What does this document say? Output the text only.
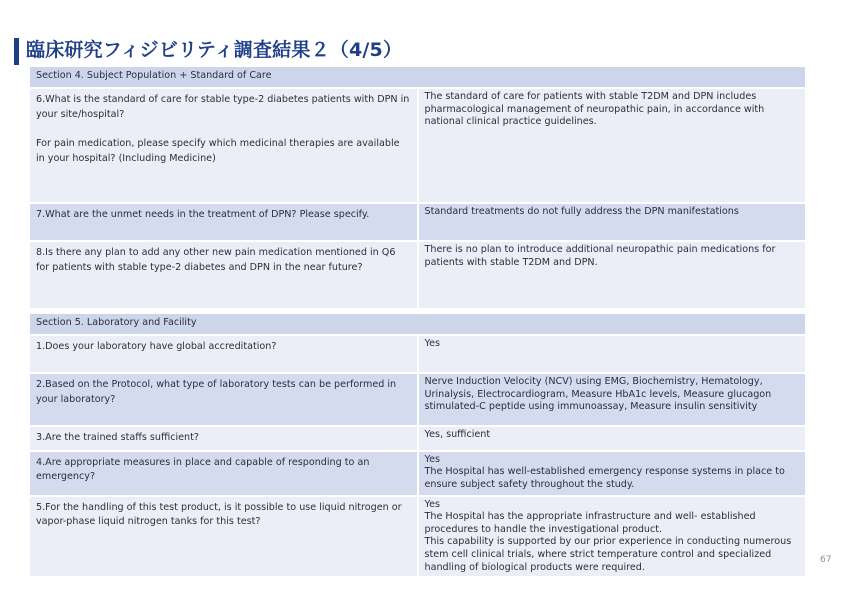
臨床研究フィジビリティ調査結果２（4/5）
Section 4. Subject Population + Standard of Care	

6.What is the standard of care for stable type-2 diabetes patients with DPN in your site/hospital?
For pain medication, please specify which medicinal therapies are available in your hospital? (Including Medicine)	The standard of care for patients with stable T2DM and DPN includes pharmacological management of neuropathic pain, in accordance with national clinical practice guidelines.
7.What are the unmet needs in the treatment of DPN? Please specify.	Standard treatments do not fully address the DPN manifestations
8.Is there any plan to add any other new pain medication mentioned in Q6 for patients with stable type-2 diabetes and DPN in the near future?	There is no plan to introduce additional neuropathic pain medications for patients with stable T2DM and DPN.
Section 5. Laboratory and Facility	
1.Does your laboratory have global accreditation?	Yes
2.Based on the Protocol, what type of laboratory tests can be performed in your laboratory?	Nerve Induction Velocity (NCV) using EMG, Biochemistry, Hematology, Urinalysis, Electrocardiogram, Measure HbA1c levels, Measure glucagon stimulated-C peptide using immunoassay, Measure insulin sensitivity
3.Are the trained staffs sufficient?	Yes, sufficient
4.Are appropriate measures in place and capable of responding to an emergency?	Yes
The Hospital has well-established emergency response systems in place to ensure subject safety throughout the study.

5.For the handling of this test product, is it possible to use liquid nitrogen or vapor-phase liquid nitrogen tanks for this test?	Yes
The Hospital has the appropriate infrastructure and well- established procedures to handle the investigational product.
This capability is supported by our prior experience in conducting numerous stem cell clinical trials, where strict temperature control and specialized handling of biological products were required.
67
